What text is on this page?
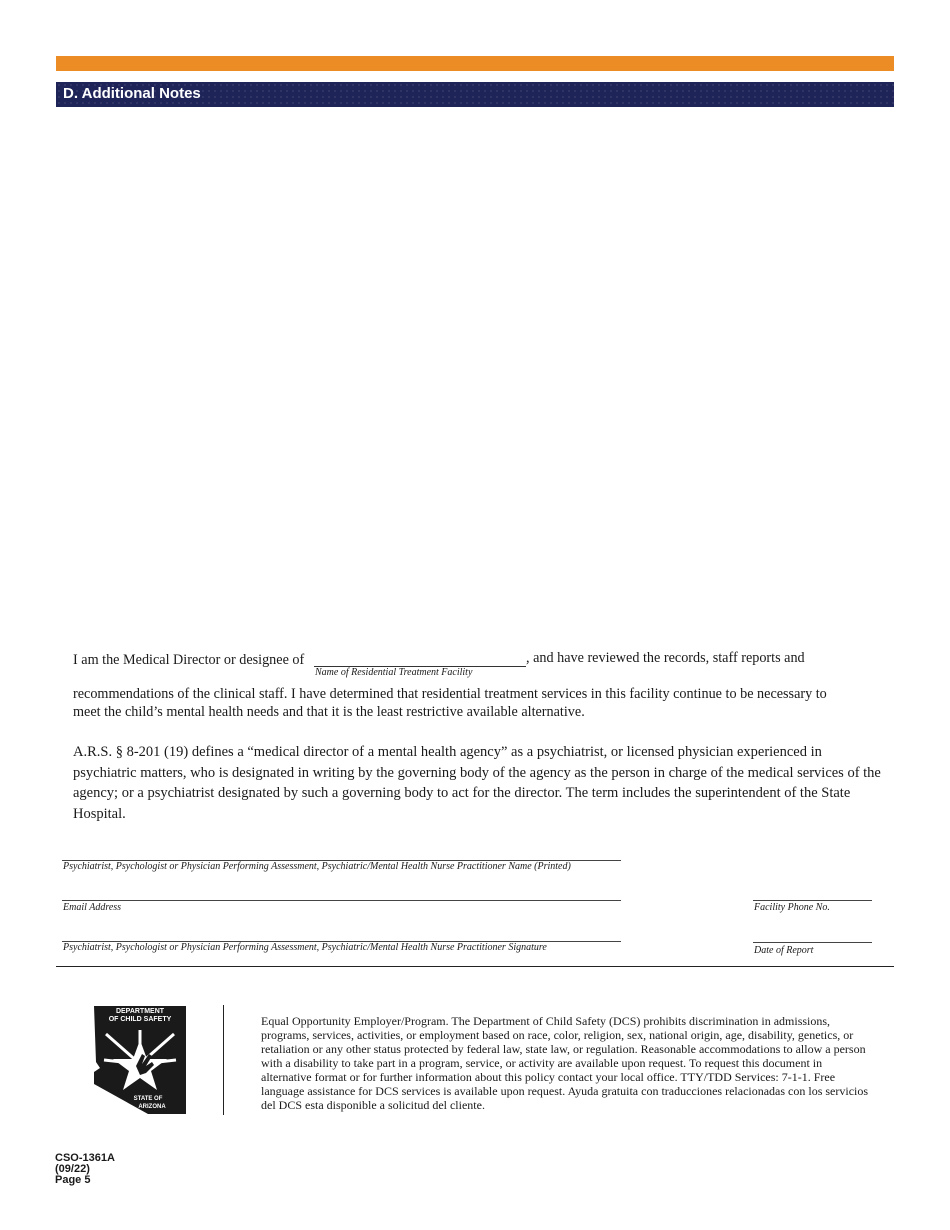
D. Additional Notes
I am the Medical Director or designee of	, and have reviewed the records, staff reports and
Name of Residential Treatment Facility
recommendations of the clinical staff. I have determined that residential treatment services in this facility continue to be necessary to meet the child’s mental health needs and that it is the least restrictive available alternative.
A.R.S. § 8-201 (19) defines a “medical director of a mental health agency” as a psychiatrist, or licensed physician experienced in psychiatric matters, who is designated in writing by the governing body of the agency as the person in charge of the medical services of the agency; or a psychiatrist designated by such a governing body to act for the director. The term includes the superintendent of the State Hospital.
Psychiatrist, Psychologist or Physician Performing Assessment, Psychiatric/Mental Health Nurse Practitioner Name (Printed)
Email Address	Facility Phone No.
Psychiatrist, Psychologist or Physician Performing Assessment, Psychiatric/Mental Health Nurse Practitioner Signature	Date of Report
DEPARTMENT
OF CHILD SAFETY
STATE OF
ARIZONA
Equal Opportunity Employer/Program. The Department of Child Safety (DCS) prohibits discrimination in admissions, programs, services, activities, or employment based on race, color, religion, sex, national origin, age, disability, genetics, or retaliation or any other status protected by federal law, state law, or regulation. Reasonable accommodations to allow a person with a disability to take part in a program, service, or activity are available upon request. To request this document in alternative format or for further information about this policy contact your local office. TTY/TDD Services: 7-1-1. Free language assistance for DCS services is available upon request. Ayuda gratuita con traducciones relacionadas con los servicios del DCS esta disponible a solicitud del cliente.
CSO-1361A
(09/22)
Page 5
